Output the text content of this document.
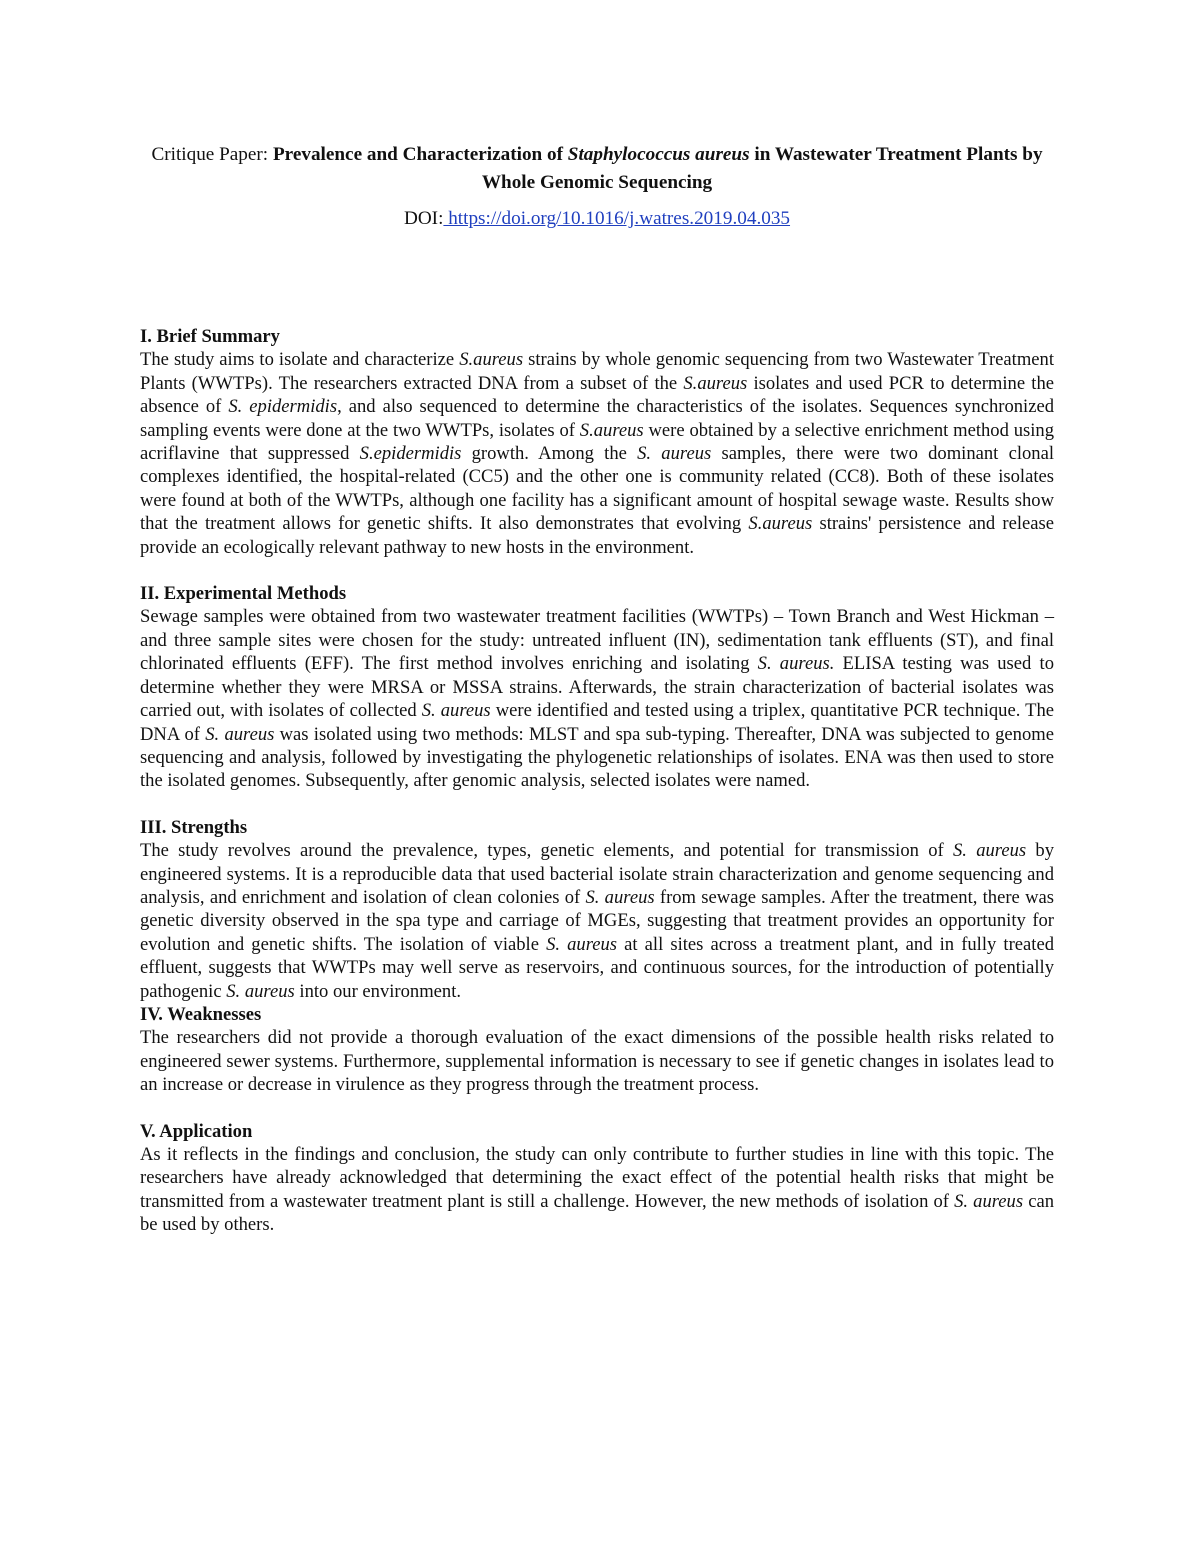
Critique Paper: Prevalence and Characterization of Staphylococcus aureus in Wastewater Treatment Plants by Whole Genomic Sequencing
DOI: https://doi.org/10.1016/j.watres.2019.04.035
I. Brief Summary

The study aims to isolate and characterize S.aureus strains by whole genomic sequencing from two Wastewater Treatment Plants (WWTPs). The researchers extracted DNA from a subset of the S.aureus isolates and used PCR to determine the absence of S. epidermidis, and also sequenced to determine the characteristics of the isolates. Sequences synchronized sampling events were done at the two WWTPs, isolates of S.aureus were obtained by a selective enrichment method using acriflavine that suppressed S.epidermidis growth. Among the S. aureus samples, there were two dominant clonal complexes identified, the hospital-related (CC5) and the other one is community related (CC8). Both of these isolates were found at both of the WWTPs, although one facility has a significant amount of hospital sewage waste. Results show that the treatment allows for genetic shifts. It also demonstrates that evolving S.aureus strains' persistence and release provide an ecologically relevant pathway to new hosts in the environment.

II. Experimental Methods

Sewage samples were obtained from two wastewater treatment facilities (WWTPs) – Town Branch and West Hickman – and three sample sites were chosen for the study: untreated influent (IN), sedimentation tank effluents (ST), and final chlorinated effluents (EFF). The first method involves enriching and isolating S. aureus. ELISA testing was used to determine whether they were MRSA or MSSA strains. Afterwards, the strain characterization of bacterial isolates was carried out, with isolates of collected S. aureus were identified and tested using a triplex, quantitative PCR technique. The DNA of S. aureus was isolated using two methods: MLST and spa sub-typing. Thereafter, DNA was subjected to genome sequencing and analysis, followed by investigating the phylogenetic relationships of isolates. ENA was then used to store the isolated genomes. Subsequently, after genomic analysis, selected isolates were named.

III. Strengths

The study revolves around the prevalence, types, genetic elements, and potential for transmission of S. aureus by engineered systems. It is a reproducible data that used bacterial isolate strain characterization and genome sequencing and analysis, and enrichment and isolation of clean colonies of S. aureus from sewage samples. After the treatment, there was genetic diversity observed in the spa type and carriage of MGEs, suggesting that treatment provides an opportunity for evolution and genetic shifts. The isolation of viable S. aureus at all sites across a treatment plant, and in fully treated effluent, suggests that WWTPs may well serve as reservoirs, and continuous sources, for the introduction of potentially pathogenic S. aureus into our environment.

IV. Weaknesses

The researchers did not provide a thorough evaluation of the exact dimensions of the possible health risks related to engineered sewer systems. Furthermore, supplemental information is necessary to see if genetic changes in isolates lead to an increase or decrease in virulence as they progress through the treatment process.

V. Application

As it reflects in the findings and conclusion, the study can only contribute to further studies in line with this topic. The researchers have already acknowledged that determining the exact effect of the potential health risks that might be transmitted from a wastewater treatment plant is still a challenge. However, the new methods of isolation of S. aureus can be used by others.
